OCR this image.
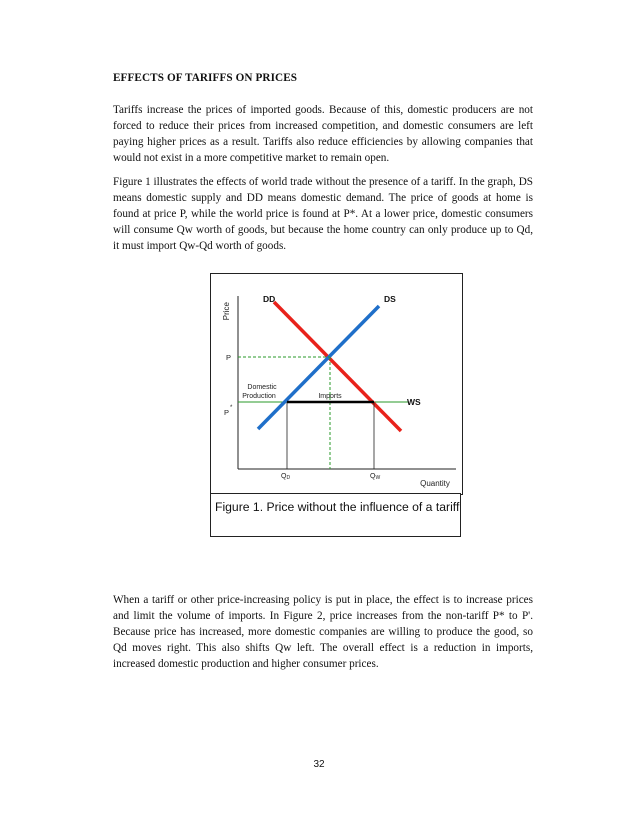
EFFECTS OF TARIFFS ON PRICES
Tariffs increase the prices of imported goods. Because of this, domestic producers are not forced to reduce their prices from increased competition, and domestic consumers are left paying higher prices as a result. Tariffs also reduce efficiencies by allowing companies that would not exist in a more competitive market to remain open.
Figure 1 illustrates the effects of world trade without the presence of a tariff. In the graph, DS means domestic supply and DD means domestic demand. The price of goods at home is found at price P, while the world price is found at P*. At a lower price, domestic consumers will consume Qw worth of goods, but because the home country can only produce up to Qd, it must import Qw-Qd worth of goods.
Price
Quantity
WS
DD	DS
P
P *
Domestic
Production	Imports
QD	QW
Figure 1. Price without the influence of a tariff
When a tariff or other price-increasing policy is put in place, the effect is to increase prices and limit the volume of imports. In Figure 2, price increases from the non-tariff P* to P'. Because price has increased, more domestic companies are willing to produce the good, so Qd moves right. This also shifts Qw left. The overall effect is a reduction in imports, increased domestic production and higher consumer prices.
32
